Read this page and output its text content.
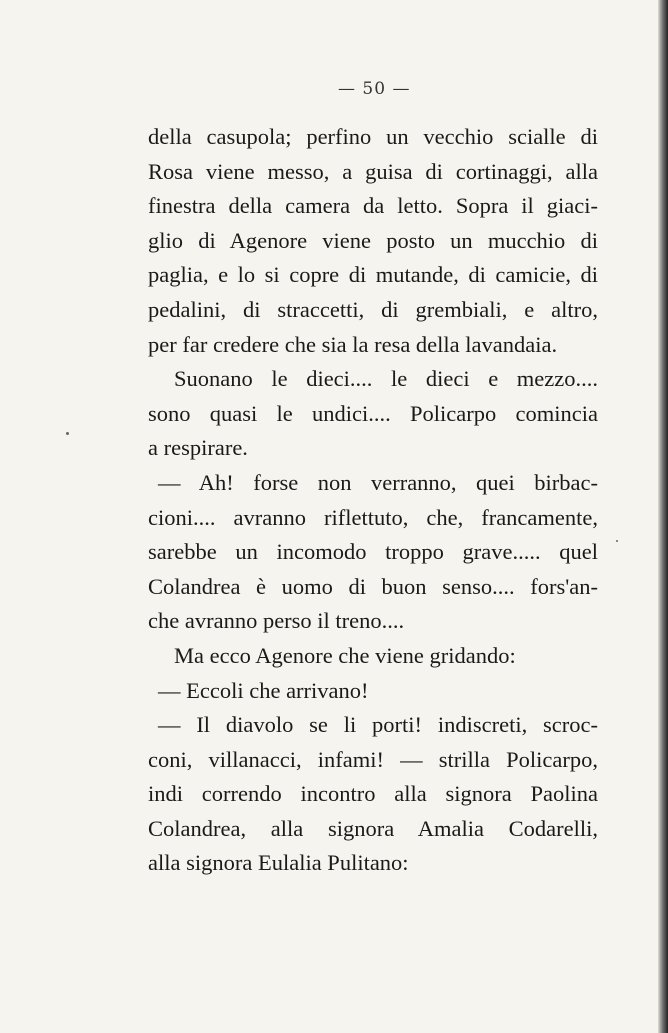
— 50 —
della casupola; perfino un vecchio scialle di
Rosa viene messo, a guisa di cortinaggi, alla
finestra della camera da letto. Sopra il giaci-
glio di Agenore viene posto un mucchio di
paglia, e lo si copre di mutande, di camicie, di
pedalini, di straccetti, di grembiali, e altro,
per far credere che sia la resa della lavandaia.
Suonano le dieci.... le dieci e mezzo....
sono quasi le undici.... Policarpo comincia
a respirare.
— Ah! forse non verranno, quei birbac-
cioni.... avranno riflettuto, che, francamente,
sarebbe un incomodo troppo grave..... quel
Colandrea è uomo di buon senso.... fors'an-
che avranno perso il treno....
Ma ecco Agenore che viene gridando:
— Eccoli che arrivano!
— Il diavolo se li porti! indiscreti, scroc-
coni, villanacci, infami! — strilla Policarpo,
indi correndo incontro alla signora Paolina
Colandrea, alla signora Amalia Codarelli,
alla signora Eulalia Pulitano:
